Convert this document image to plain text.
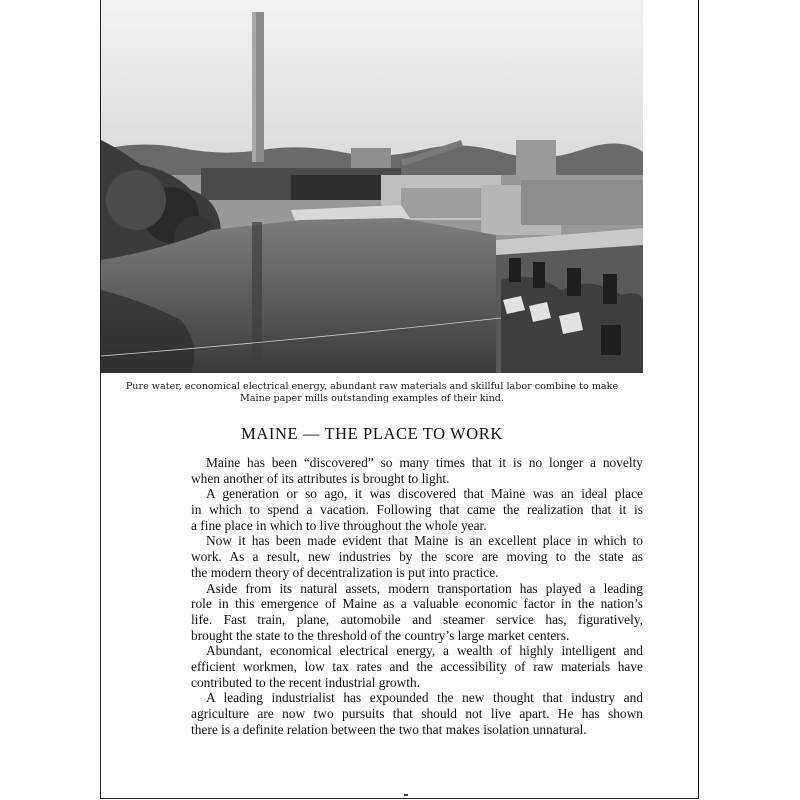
Pure water, economical electrical energy, abundant raw materials and skillful labor combine to make
Maine paper mills outstanding examples of their kind.
MAINE — THE PLACE TO WORK
Maine has been “discovered” so many times that it is no longer a novelty
when another of its attributes is brought to light.
A generation or so ago, it was discovered that Maine was an ideal place
in which to spend a vacation. Following that came the realization that it is
a fine place in which to live throughout the whole year.
Now it has been made evident that Maine is an excellent place in which to
work. As a result, new industries by the score are moving to the state as
the modern theory of decentralization is put into practice.
Aside from its natural assets, modern transportation has played a leading
role in this emergence of Maine as a valuable economic factor in the nation’s
life. Fast train, plane, automobile and steamer service has, figuratively,
brought the state to the threshold of the country’s large market centers.
Abundant, economical electrical energy, a wealth of highly intelligent and
efficient workmen, low tax rates and the accessibility of raw materials have
contributed to the recent industrial growth.
A leading industrialist has expounded the new thought that industry and
agriculture are now two pursuits that should not live apart. He has shown
there is a definite relation between the two that makes isolation unnatural.
